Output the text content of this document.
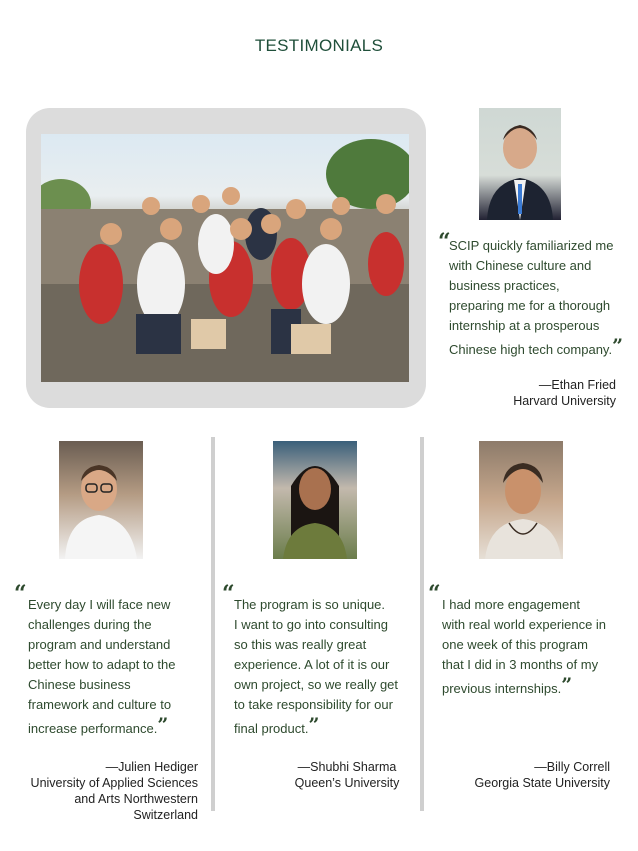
TESTIMONIALS
“
SCIP quickly familiarized me
with Chinese culture and
business practices,
preparing me for a thorough
internship at a prosperous
Chinese high tech company.”
—Ethan Fried
Harvard University
“ Every day I will face new
challenges during the
program and understand
better how to adapt to the
Chinese business
framework and culture to
increase performance.”
—Julien Hediger
University of Applied Sciences
and Arts Northwestern
Switzerland
“ The program is so unique.
I want to go into consulting
so this was really great
experience. A lot of it is our
own project, so we really get
to take responsibility for our
final product.”
—Shubhi Sharma
Queen’s University
“ I had more engagement
with real world experience in
one week of this program
that I did in 3 months of my
previous internships.”
—Billy Correll
Georgia State University
